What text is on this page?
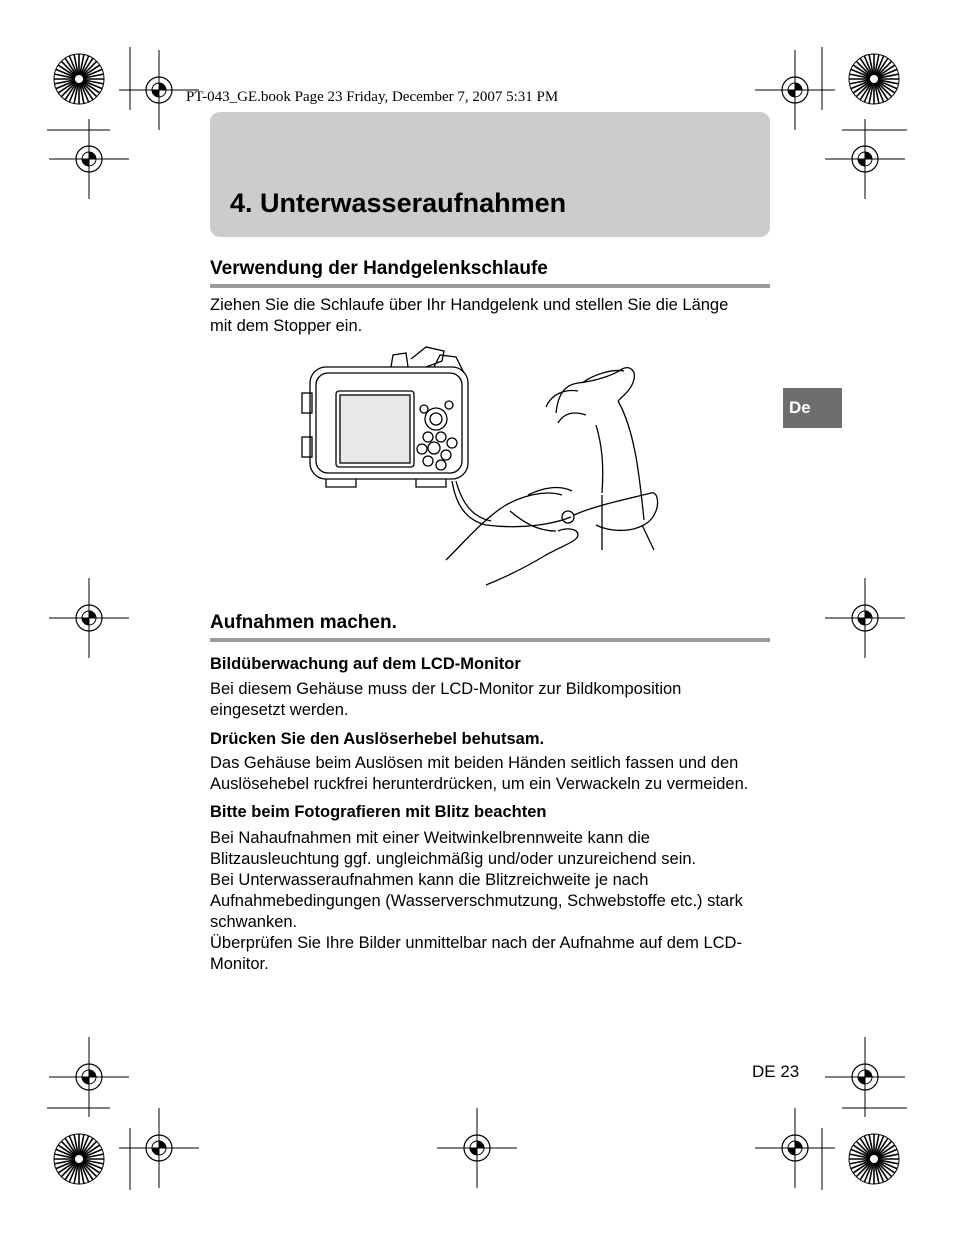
PT-043_GE.book Page 23 Friday, December 7, 2007 5:31 PM
4. Unterwasseraufnahmen
De
Verwendung der Handgelenkschlaufe

Ziehen Sie die Schlaufe über Ihr Handgelenk und stellen Sie die Länge
mit dem Stopper ein.

Aufnahmen machen.
Bildüberwachung auf dem LCD-Monitor

Bei diesem Gehäuse muss der LCD-Monitor zur Bildkomposition
eingesetzt werden.

Drücken Sie den Auslöserhebel behutsam.

Das Gehäuse beim Auslösen mit beiden Händen seitlich fassen und den
Auslösehebel ruckfrei herunterdrücken, um ein Verwackeln zu vermeiden.

Bitte beim Fotografieren mit Blitz beachten

Bei Nahaufnahmen mit einer Weitwinkelbrennweite kann die
Blitzausleuchtung ggf. ungleichmäßig und/oder unzureichend sein.
Bei Unterwasseraufnahmen kann die Blitzreichweite je nach
Aufnahmebedingungen (Wasserverschmutzung, Schwebstoffe etc.) stark
schwanken.
Überprüfen Sie Ihre Bilder unmittelbar nach der Aufnahme auf dem LCD-
Monitor.

DE 23
